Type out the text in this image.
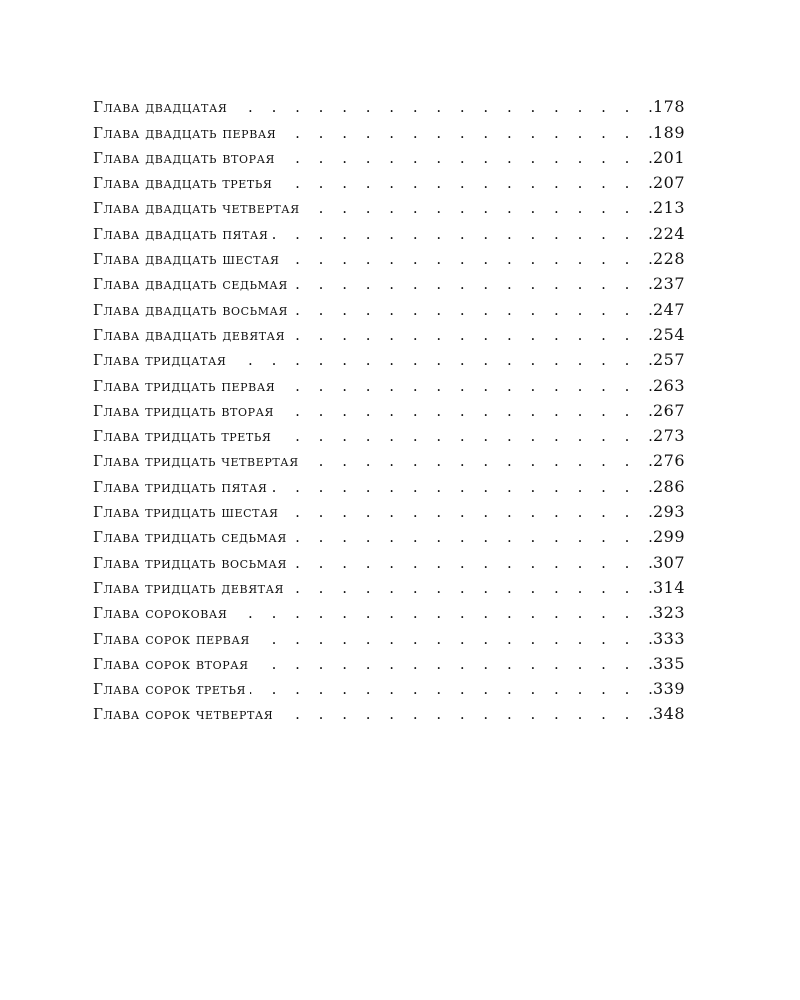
Глава двадцатая . . .	178
Глава двадцать первая . . .	189
Глава двадцать вторая . . .	201
Глава двадцать третья . . .	207
Глава двадцать четвертая . . .	213
Глава двадцать пятая . . .	224
Глава двадцать шестая . . .	228
Глава двадцать седьмая . . .	237
Глава двадцать восьмая . . .	247
Глава двадцать девятая . . .	254
Глава тридцатая . . .	257
Глава тридцать первая . . .	263
Глава тридцать вторая . . .	267
Глава тридцать третья . . .	273
Глава тридцать четвертая . . .	276
Глава тридцать пятая . . .	286
Глава тридцать шестая . . .	293
Глава тридцать седьмая . . .	299
Глава тридцать восьмая . . .	307
Глава тридцать девятая . . .	314
Глава сороковая . . .	323
Глава сорок первая . . .	333
Глава сорок вторая . . .	335
Глава сорок третья . . .	339
Глава сорок четвертая . . .	348
